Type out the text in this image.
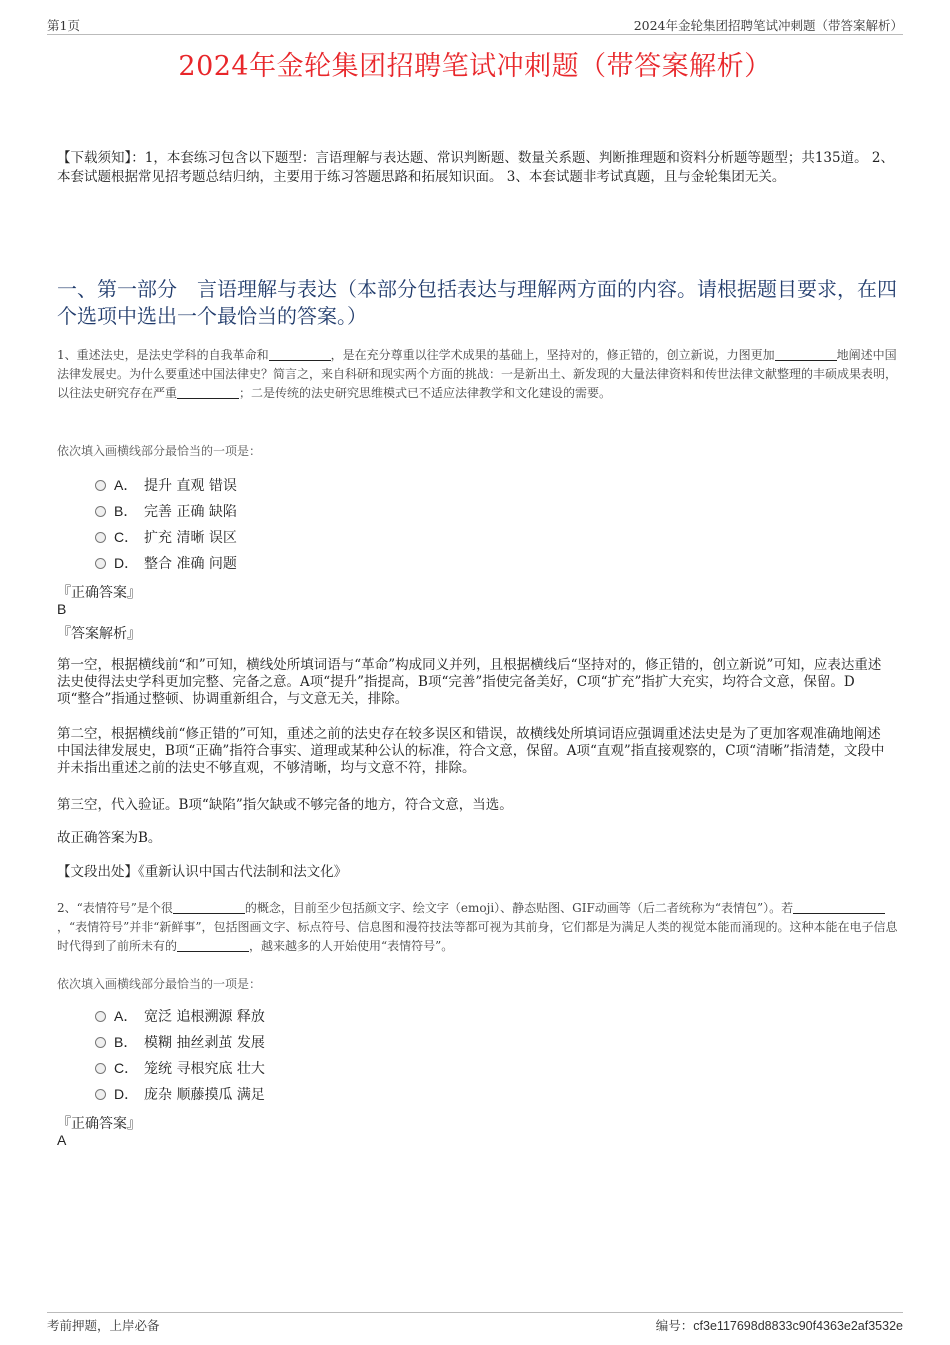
第1页	2024年金轮集团招聘笔试冲刺题（带答案解析）
2024年金轮集团招聘笔试冲刺题（带答案解析）
【下载须知】：1，本套练习包含以下题型：言语理解与表达题、常识判断题、数量关系题、判断推理题和资料分析题等题型；共135道。 2、本套试题根据常见招考题总结归纳，主要用于练习答题思路和拓展知识面。 3、本套试题非考试真题，且与金轮集团无关。
一、第一部分　言语理解与表达（本部分包括表达与理解两方面的内容。请根据题目要求，在四个选项中选出一个最恰当的答案。）
1、重述法史，是法史学科的自我革命和	，是在充分尊重以往学术成果的基础上，坚持对的，修正错的，创立新说，力图更加	地阐述中国法律发展史。为什么要重述中国法律史？简言之，来自科研和现实两个方面的挑战：一是新出土、新发现的大量法律资料和传世法律文献整理的丰硕成果表明，以往法史研究存在严重	；二是传统的法史研究思维模式已不适应法律教学和文化建设的需要。
依次填入画横线部分最恰当的一项是：
A． 提升 直观 错误
B． 完善 正确 缺陷
C． 扩充 清晰 误区
D． 整合 准确 问题
『正确答案』
B
『答案解析』
第一空，根据横线前“和”可知，横线处所填词语与“革命”构成同义并列，且根据横线后“坚持对的，修正错的，创立新说”可知，应表达重述法史使得法史学科更加完整、完备之意。A项“提升”指提高，B项“完善”指使完备美好，C项“扩充”指扩大充实，均符合文意，保留。D项“整合”指通过整顿、协调重新组合，与文意无关，排除。
第二空，根据横线前“修正错的”可知，重述之前的法史存在较多误区和错误，故横线处所填词语应强调重述法史是为了更加客观准确地阐述中国法律发展史，B项“正确”指符合事实、道理或某种公认的标准，符合文意，保留。A项“直观”指直接观察的，C项“清晰”指清楚，文段中并未指出重述之前的法史不够直观，不够清晰，均与文意不符，排除。
第三空，代入验证。B项“缺陷”指欠缺或不够完备的地方，符合文意，当选。
故正确答案为B。
【文段出处】《重新认识中国古代法制和法文化》
2、“表情符号”是个很	的概念，目前至少包括颜文字、绘文字（emoji）、静态贴图、GIF动画等（后二者统称为“表情包”）。若，“表情符号”并非“新鲜事”，包括图画文字、标点符号、信息图和漫符技法等都可视为其前身，它们都是为满足人类的视觉本能而涌现的。这种本能在电子信息时代得到了前所未有的	，越来越多的人开始使用“表情符号”。
依次填入画横线部分最恰当的一项是：
A． 宽泛 追根溯源 释放
B． 模糊 抽丝剥茧 发展
C． 笼统 寻根究底 壮大
D． 庞杂 顺藤摸瓜 满足
『正确答案』
A
考前押题，上岸必备	编号：cf3e117698d8833c90f4363e2af3532e
